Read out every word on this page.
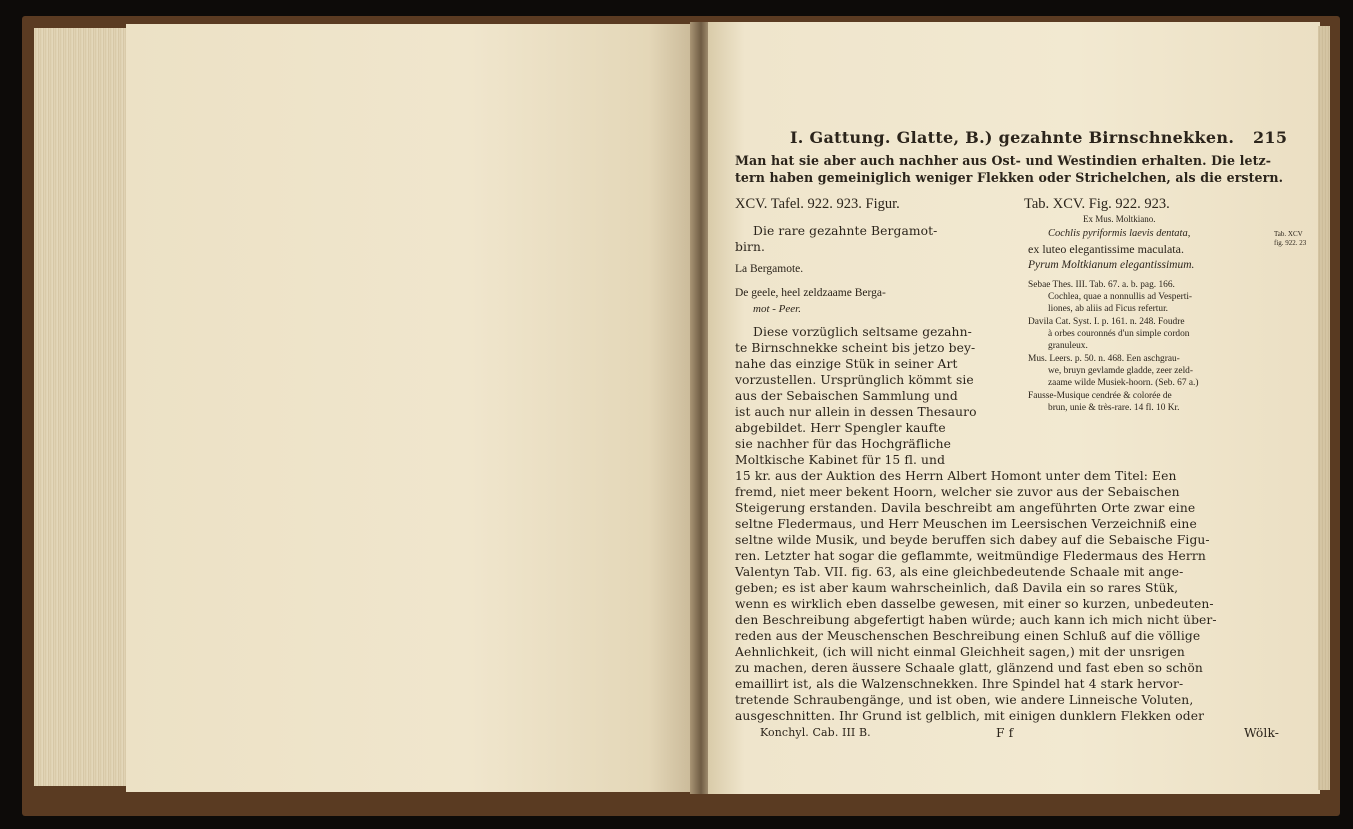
I. Gattung. Glatte, B.) gezahnte Birnschnekken. 215
Man hat sie aber auch nachher aus Ost- und Westindien erhalten. Die letz-
tern haben gemeiniglich weniger Flekken oder Strichelchen, als die erstern.
XCV. Tafel. 922. 923. Figur.	Tab. XCV. Fig. 922. 923.
Ex Mus. Moltkiano.
Die rare gezahnte Bergamot-
birn.
La Bergamote.
De geele, heel zeldzaame Berga-
mot - Peer.
Diese vorzüglich seltsame gezahn-
te Birnschnekke scheint bis jetzo bey-
nahe das einzige Stük in seiner Art
vorzustellen. Ursprünglich kömmt sie
aus der Sebaischen Sammlung und
ist auch nur allein in dessen Thesauro
abgebildet. Herr Spengler kaufte
sie nachher für das Hochgräfliche
Moltkische Kabinet für 15 fl. und
Cochlis pyriformis laevis dentata,
ex luteo elegantissime maculata.
Pyrum Moltkianum elegantissimum.
Sebae Thes. III. Tab. 67. a. b. pag. 166.
Cochlea, quae a nonnullis ad Vesperti-
liones, ab aliis ad Ficus refertur.
Davila Cat. Syst. I. p. 161. n. 248. Foudre
à orbes couronnés d'un simple cordon
granuleux.
Mus. Leers. p. 50. n. 468. Een aschgrau-
we, bruyn gevlamde gladde, zeer zeld-
zaame wilde Musiek-hoorn. (Seb. 67 a.)
Fausse-Musique cendrée & colorée de
brun, unie & très-rare. 14 fl. 10 Kr.
Tab. XCV
fig. 922. 23
15 kr. aus der Auktion des Herrn Albert Homont unter dem Titel: Een
fremd, niet meer bekent Hoorn, welcher sie zuvor aus der Sebaischen
Steigerung erstanden. Davila beschreibt am angeführten Orte zwar eine
seltne Fledermaus, und Herr Meuschen im Leersischen Verzeichniß eine
seltne wilde Musik, und beyde beruffen sich dabey auf die Sebaische Figu-
ren. Letzter hat sogar die geflammte, weitmündige Fledermaus des Herrn
Valentyn Tab. VII. fig. 63, als eine gleichbedeutende Schaale mit ange-
geben; es ist aber kaum wahrscheinlich, daß Davila ein so rares Stük,
wenn es wirklich eben dasselbe gewesen, mit einer so kurzen, unbedeuten-
den Beschreibung abgefertigt haben würde; auch kann ich mich nicht über-
reden aus der Meuschenschen Beschreibung einen Schluß auf die völlige
Aehnlichkeit, (ich will nicht einmal Gleichheit sagen,) mit der unsrigen
zu machen, deren äussere Schaale glatt, glänzend und fast eben so schön
emaillirt ist, als die Walzenschnekken. Ihre Spindel hat 4 stark hervor-
tretende Schraubengänge, und ist oben, wie andere Linneische Voluten,
ausgeschnitten. Ihr Grund ist gelblich, mit einigen dunklern Flekken oder
Konchyl. Cab. III B.	F f	Wölk-
